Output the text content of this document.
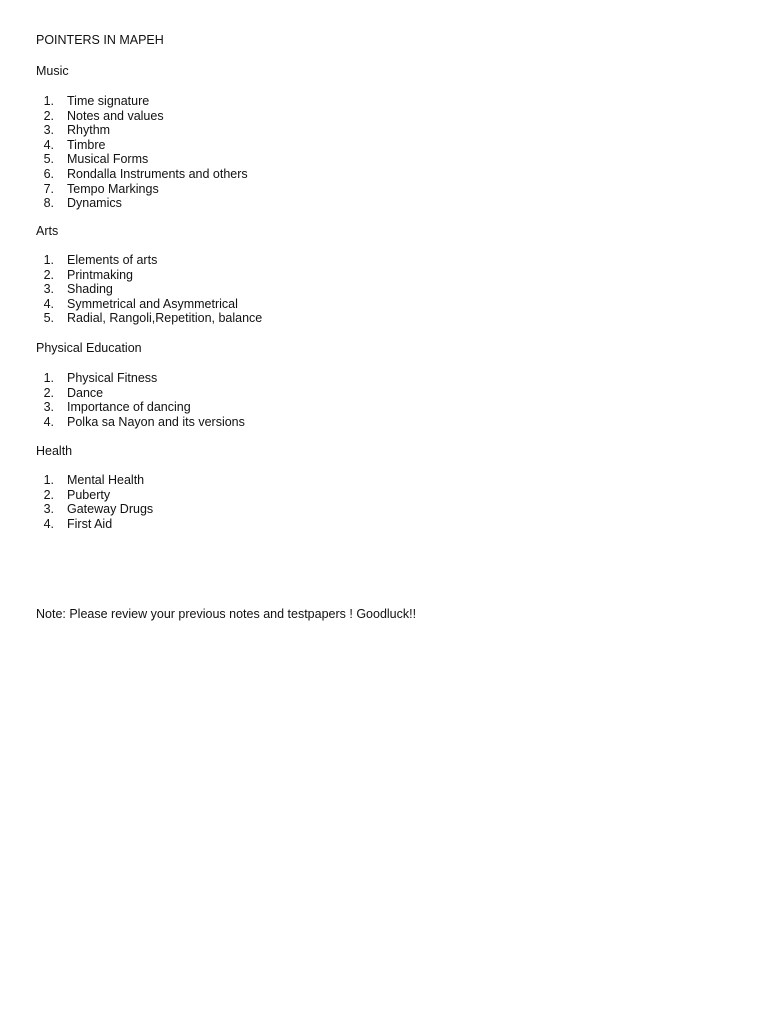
POINTERS IN MAPEH
Music
1. Time signature
2. Notes and values
3. Rhythm
4. Timbre
5. Musical Forms
6. Rondalla Instruments and others
7. Tempo Markings
8. Dynamics
Arts
1. Elements of arts
2. Printmaking
3. Shading
4. Symmetrical and Asymmetrical
5. Radial, Rangoli,Repetition, balance
Physical Education
1. Physical Fitness
2. Dance
3. Importance of dancing
4. Polka sa Nayon and its versions
Health
1. Mental Health
2. Puberty
3. Gateway Drugs
4. First Aid
Note: Please review your previous notes and testpapers ! Goodluck!!
